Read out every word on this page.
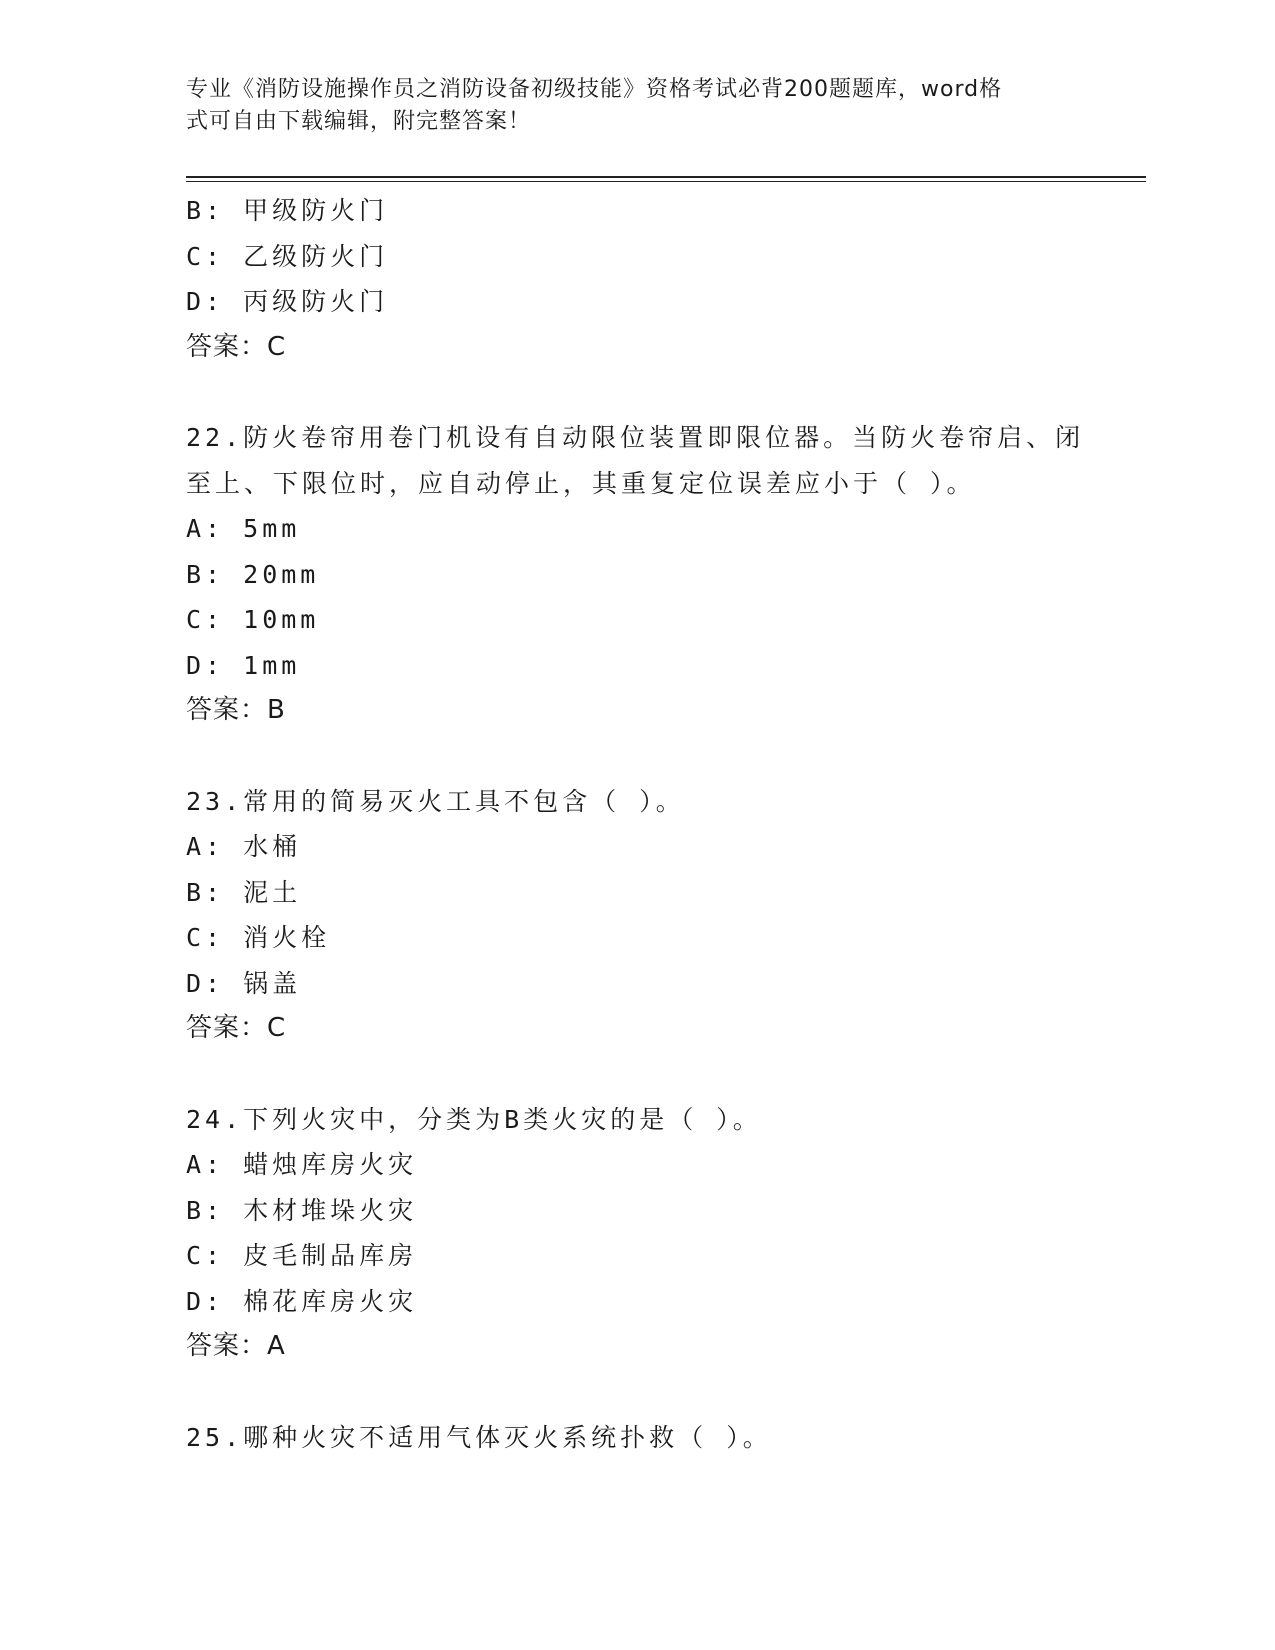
专业《消防设施操作员之消防设备初级技能》资格考试必背200题题库，word格
式可自由下载编辑，附完整答案！
B: 甲级防火门
C: 乙级防火门
D: 丙级防火门
答案：C
22.防火卷帘用卷门机设有自动限位装置即限位器。当防火卷帘启、闭
至上、下限位时，应自动停止，其重复定位误差应小于（ ）。
A: 5mm
B: 20mm
C: 10mm
D: 1mm
答案：B
23.常用的简易灭火工具不包含（ ）。
A: 水桶
B: 泥土
C: 消火栓
D: 锅盖
答案：C
24.下列火灾中，分类为B类火灾的是（ ）。
A: 蜡烛库房火灾
B: 木材堆垛火灾
C: 皮毛制品库房
D: 棉花库房火灾
答案：A
25.哪种火灾不适用气体灭火系统扑救（ ）。
